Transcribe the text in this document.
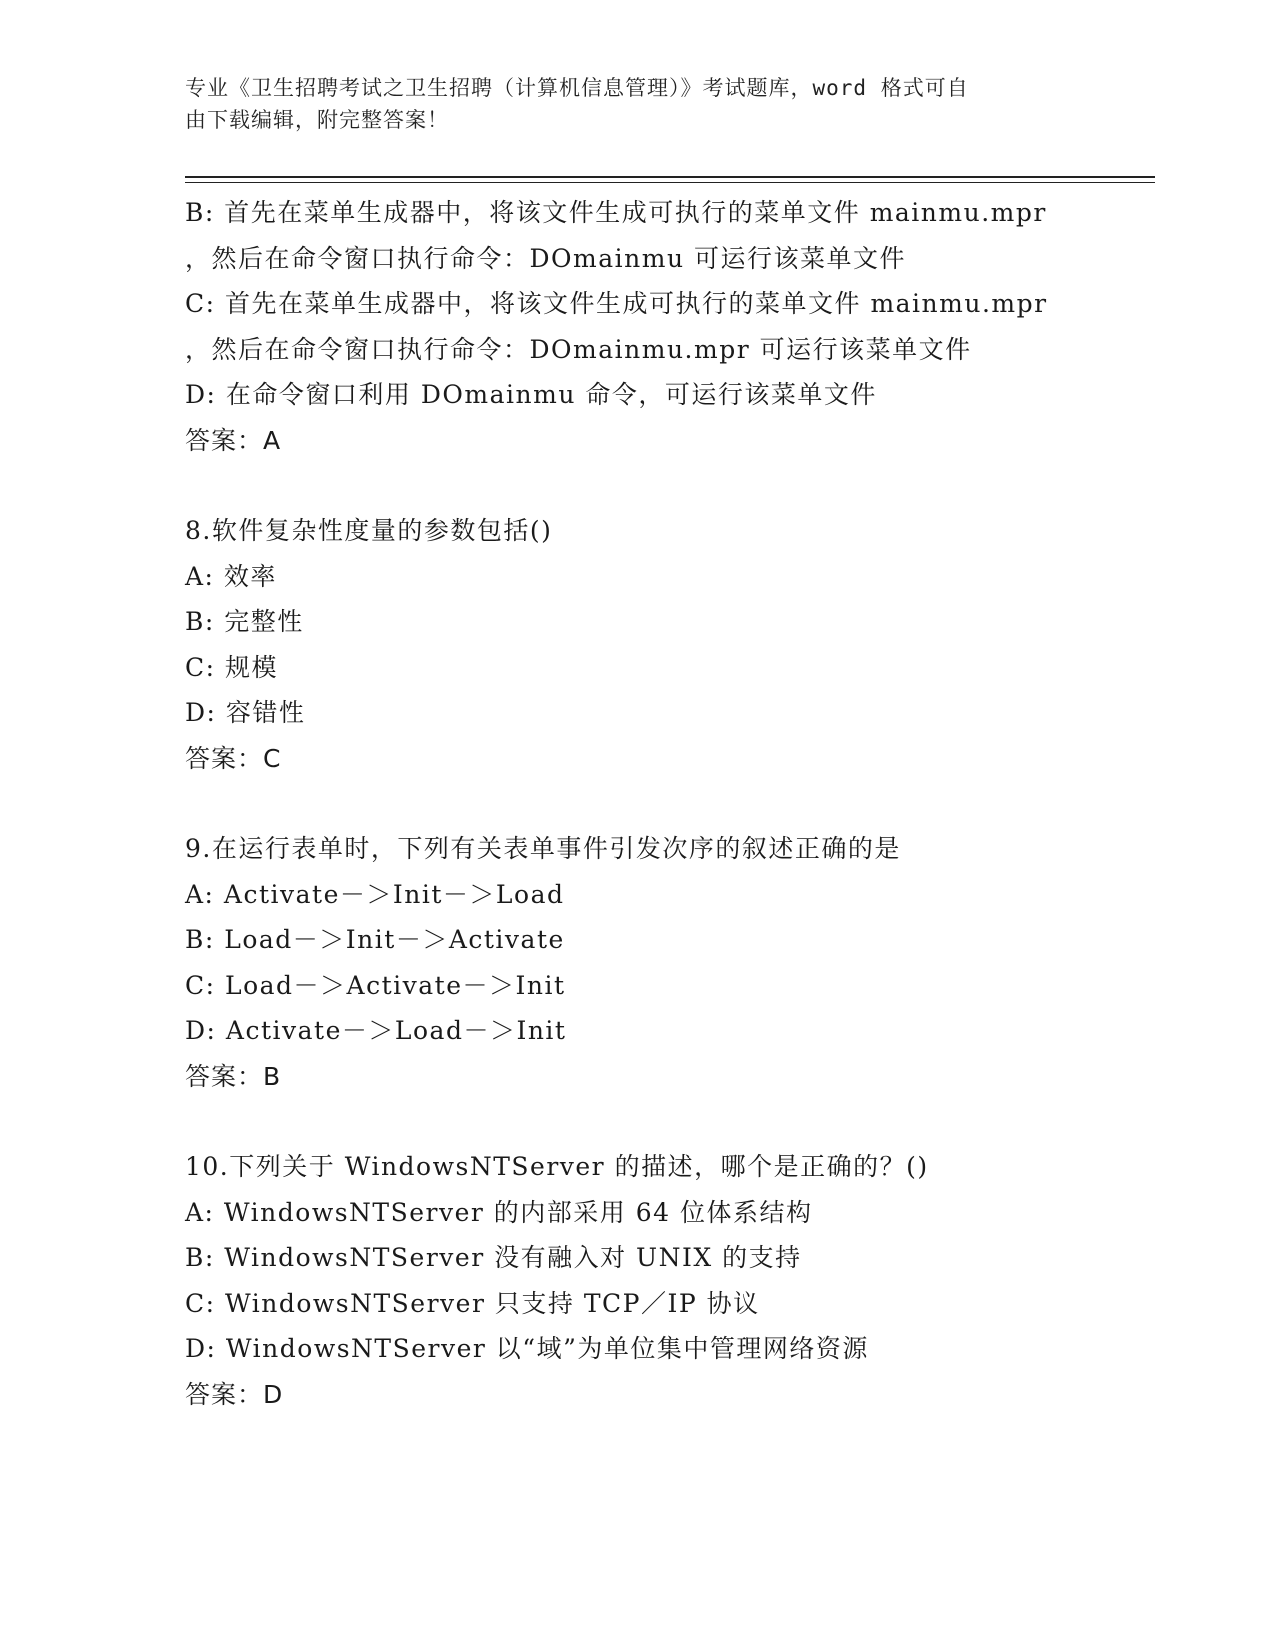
专业《卫生招聘考试之卫生招聘（计算机信息管理）》考试题库，word 格式可自
由下载编辑，附完整答案！
B: 首先在菜单生成器中，将该文件生成可执行的菜单文件 mainmu.mpr
，然后在命令窗口执行命令：DOmainmu 可运行该菜单文件
C: 首先在菜单生成器中，将该文件生成可执行的菜单文件 mainmu.mpr
，然后在命令窗口执行命令：DOmainmu.mpr 可运行该菜单文件
D: 在命令窗口利用 DOmainmu 命令，可运行该菜单文件
答案：A
8.软件复杂性度量的参数包括()
A: 效率
B: 完整性
C: 规模
D: 容错性
答案：C
9.在运行表单时，下列有关表单事件引发次序的叙述正确的是
A: Activate－＞Init－＞Load
B: Load－＞Init－＞Activate
C: Load－＞Activate－＞Init
D: Activate－＞Load－＞Init
答案：B
10.下列关于 WindowsNTServer 的描述，哪个是正确的？()
A: WindowsNTServer 的内部采用 64 位体系结构
B: WindowsNTServer 没有融入对 UNIX 的支持
C: WindowsNTServer 只支持 TCP／IP 协议
D: WindowsNTServer 以“域”为单位集中管理网络资源
答案：D
